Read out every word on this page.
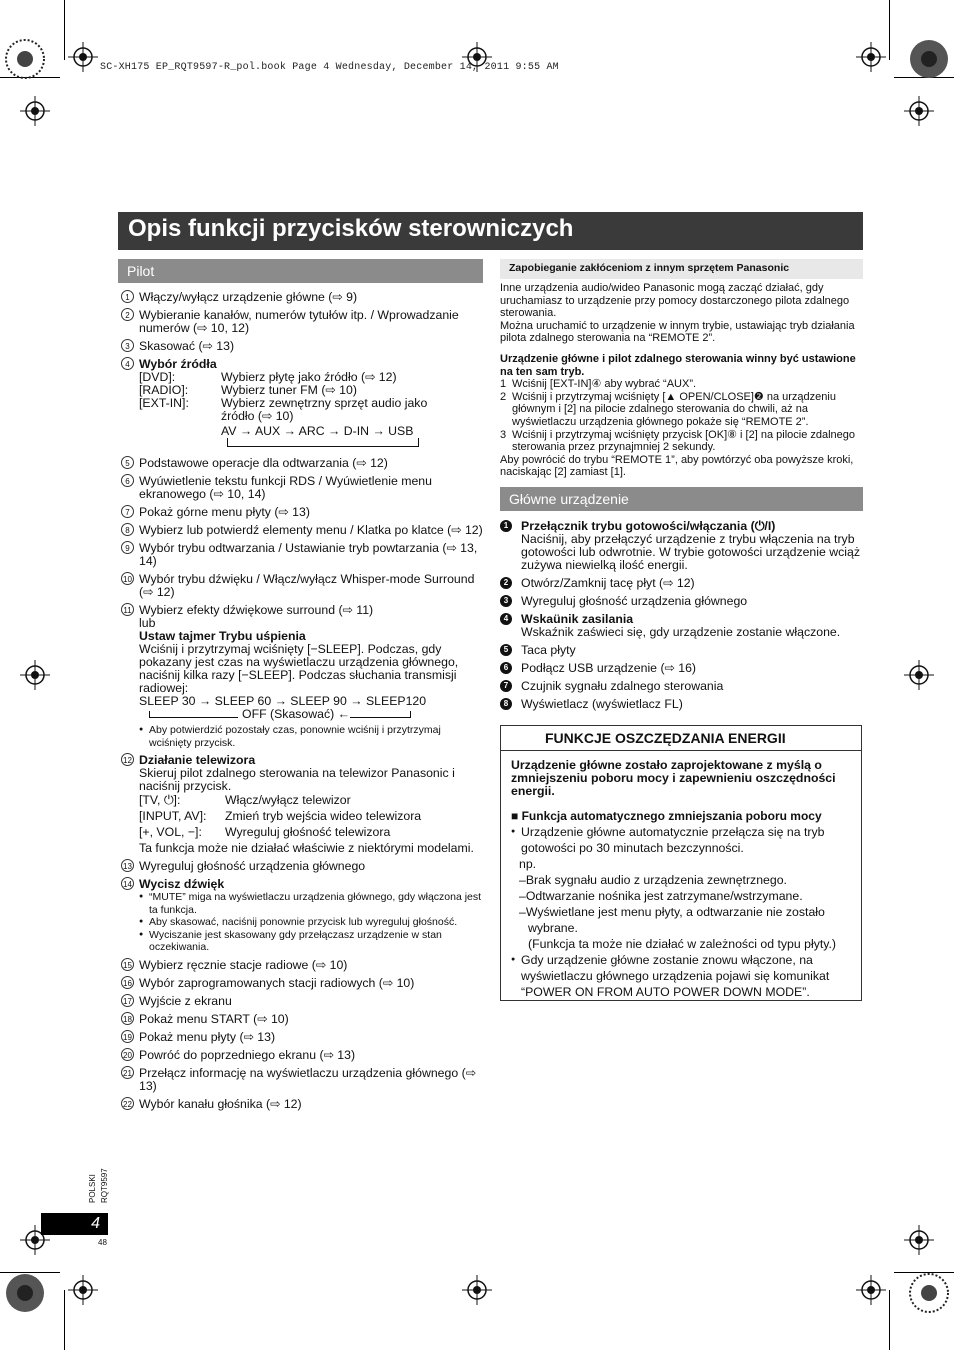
SC-XH175 EP_RQT9597-R_pol.book Page 4 Wednesday, December 14, 2011 9:55 AM
Opis funkcji przycisków sterowniczych
Pilot
1 Włączy/wyłącz urządzenie główne (⇨ 9)
2 Wybieranie kanałów, numerów tytułów itp. / Wprowadzanie numerów (⇨ 10, 12)
3 Skasować (⇨ 13)
4 Wybór źródła
[DVD]:	Wybierz płytę jako źródło (⇨ 12)
[RADIO]:	Wybierz tuner FM (⇨ 10)
[EXT-IN]:	Wybierz zewnętrzny sprzęt audio jako źródło (⇨ 10)
AV → AUX → ARC → D-IN → USB
5 Podstawowe operacje dla odtwarzania (⇨ 12)
6 Wyúwietlenie tekstu funkcji RDS / Wyúwietlenie menu ekranowego (⇨ 10, 14)
7 Pokaż górne menu płyty (⇨ 13)
8 Wybierz lub potwierdź elementy menu / Klatka po klatce (⇨ 12)
9 Wybór trybu odtwarzania / Ustawianie tryb powtarzania (⇨ 13, 14)
10 Wybór trybu dźwięku / Włącz/wyłącz Whisper-mode Surround (⇨ 12)
11 Wybierz efekty dźwiękowe surround (⇨ 11)
lub
Ustaw tajmer Trybu uśpienia
Wciśnij i przytrzymaj wciśnięty [−SLEEP]. Podczas, gdy pokazany jest czas na wyświetlaczu urządzenia głównego, naciśnij kilka razy [−SLEEP]. Podczas słuchania transmisji radiowej:
SLEEP 30 → SLEEP 60 → SLEEP 90 → SLEEP120
OFF (Skasować) ←
● Aby potwierdzić pozostały czas, ponownie wciśnij i przytrzymaj wciśnięty przycisk.
12 Działanie telewizora
Skieruj pilot zdalnego sterowania na telewizor Panasonic i naciśnij przycisk.
[TV, ⏻]:	Włącz/wyłącz telewizor
[INPUT, AV]:	Zmień tryb wejścia wideo telewizora
[+, VOL, −]:	Wyreguluj głośność telewizora
Ta funkcja może nie działać właściwie z niektórymi modelami.
13 Wyreguluj głośność urządzenia głównego
14 Wycisz dźwięk
● “MUTE” miga na wyświetlaczu urządzenia głównego, gdy włączona jest ta funkcja.
● Aby skasować, naciśnij ponownie przycisk lub wyreguluj głośność.
● Wyciszanie jest skasowany gdy przełączasz urządzenie w stan oczekiwania.
15 Wybierz ręcznie stacje radiowe (⇨ 10)
16 Wybór zaprogramowanych stacji radiowych (⇨ 10)
17 Wyjście z ekranu
18 Pokaż menu START (⇨ 10)
19 Pokaż menu płyty (⇨ 13)
20 Powróć do poprzedniego ekranu (⇨ 13)
21 Przełącz informację na wyświetlaczu urządzenia głównego (⇨ 13)
22 Wybór kanału głośnika (⇨ 12)
Zapobieganie zakłóceniom z innym sprzętem Panasonic
Inne urządzenia audio/wideo Panasonic mogą zacząć działać, gdy uruchamiasz to urządzenie przy pomocy dostarczonego pilota zdalnego sterowania.
Można uruchamić to urządzenie w innym trybie, ustawiając tryb działania pilota zdalnego sterowania na “REMOTE 2”.
Urządzenie główne i pilot zdalnego sterowania winny być ustawione na ten sam tryb.
1 Wciśnij [EXT-IN]④ aby wybrać “AUX”.
2 Wciśnij i przytrzymaj wciśnięty [▲ OPEN/CLOSE]❷ na urządzeniu głównym i [2] na pilocie zdalnego sterowania do chwili, aż na wyświetlaczu urządzenia głównego pokaże się “REMOTE 2”.
3 Wciśnij i przytrzymaj wciśnięty przycisk [OK]⑧ i [2] na pilocie zdalnego sterowania przez przynajmniej 2 sekundy.
Aby powrócić do trybu “REMOTE 1”, aby powtórzyć oba powyższe kroki, naciskając [2] zamiast [1].
Główne urządzenie
1	Przełącznik trybu gotowości/włączania (⏻/I)
Naciśnij, aby przełączyć urządzenie z trybu włączenia na tryb gotowości lub odwrotnie. W trybie gotowości urządzenie wciąż zużywa niewielką ilość energii.
2	Otwórz/Zamknij tacę płyt (⇨ 12)
3	Wyreguluj głośność urządzenia głównego
4	Wskaünik zasilania
Wskaźnik zaświeci się, gdy urządzenie zostanie włączone.
5	Taca płyty
6	Podłącz USB urządzenie (⇨ 16)
7	Czujnik sygnału zdalnego sterowania
8	Wyświetlacz (wyświetlacz FL)
FUNKCJE OSZCZĘDZANIA ENERGII
Urządzenie główne zostało zaprojektowane z myślą o zmniejszeniu poboru mocy i zapewnieniu oszczędności energii.
■ Funkcja automatycznego zmniejszania poboru mocy
● Urządzenie główne automatycznie przełącza się na tryb gotowości po 30 minutach bezczynności.
np.
–Brak sygnału audio z urządzenia zewnętrznego.
–Odtwarzanie nośnika jest zatrzymane/wstrzymane.
–Wyświetlane jest menu płyty, a odtwarzanie nie zostało wybrane.
(Funkcja ta może nie działać w zależności od typu płyty.)
● Gdy urządzenie główne zostanie znowu włączone, na wyświetlaczu głównego urządzenia pojawi się komunikat “POWER ON FROM AUTO POWER DOWN MODE”.
POLSKI RQT9597
4
48
